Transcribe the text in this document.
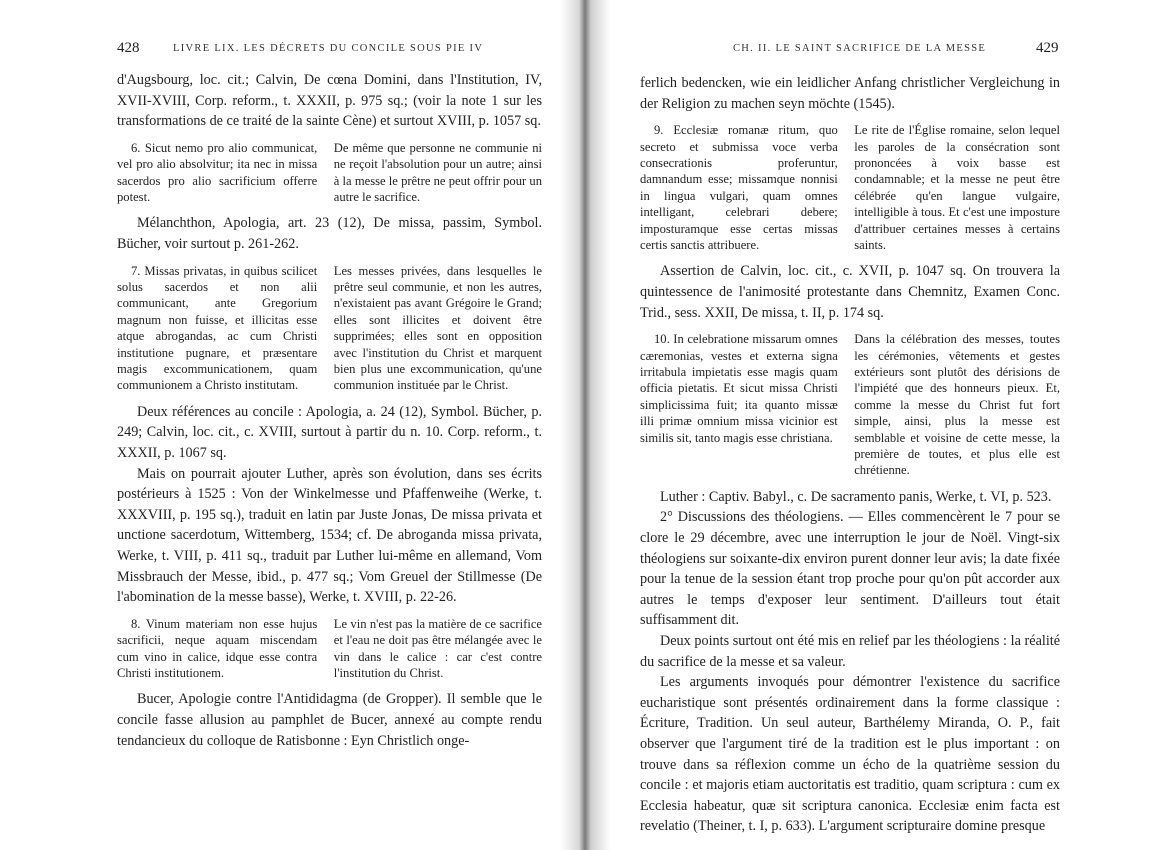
428	LIVRE LIX. LES DÉCRETS DU CONCILE SOUS PIE IV

d'Augsbourg, loc. cit.; Calvin, De cœna Domini, dans l'Institution, IV, XVII-XVIII, Corp. reform., t. XXXII, p. 975 sq.; (voir la note 1 sur les transformations de ce traité de la sainte Cène) et surtout XVIII, p. 1057 sq.

6. Sicut nemo pro alio communicat, vel pro alio absolvitur; ita nec in missa sacerdos pro alio sacrificium offerre potest.
De même que personne ne communie ni ne reçoit l'absolution pour un autre; ainsi à la messe le prêtre ne peut offrir pour un autre le sacrifice.

Mélanchthon, Apologia, art. 23 (12), De missa, passim, Symbol. Bücher, voir surtout p. 261-262.

7. Missas privatas, in quibus scilicet solus sacerdos et non alii communicant, ante Gregorium magnum non fuisse, et illicitas esse atque abrogandas, ac cum Christi institutione pugnare, et præsentare magis excommunicationem, quam communionem a Christo institutam.
Les messes privées, dans lesquelles le prêtre seul communie, et non les autres, n'existaient pas avant Grégoire le Grand; elles sont illicites et doivent être supprimées; elles sont en opposition avec l'institution du Christ et marquent bien plus une excommunication, qu'une communion instituée par le Christ.

Deux références au concile : Apologia, a. 24 (12), Symbol. Bücher, p. 249; Calvin, loc. cit., c. XVIII, surtout à partir du n. 10. Corp. reform., t. XXXII, p. 1067 sq.

Mais on pourrait ajouter Luther, après son évolution, dans ses écrits postérieurs à 1525 : Von der Winkelmesse und Pfaffenweihe (Werke, t. XXXVIII, p. 195 sq.), traduit en latin par Juste Jonas, De missa privata et unctione sacerdotum, Wittemberg, 1534; cf. De abroganda missa privata, Werke, t. VIII, p. 411 sq., traduit par Luther lui-même en allemand, Vom Missbrauch der Messe, ibid., p. 477 sq.; Vom Greuel der Stillmesse (De l'abomination de la messe basse), Werke, t. XVIII, p. 22-26.

8. Vinum materiam non esse hujus sacrificii, neque aquam miscendam cum vino in calice, idque esse contra Christi institutionem.
Le vin n'est pas la matière de ce sacrifice et l'eau ne doit pas être mélangée avec le vin dans le calice : car c'est contre l'institution du Christ.

Bucer, Apologie contre l'Antididagma (de Gropper). Il semble que le concile fasse allusion au pamphlet de Bucer, annexé au compte rendu tendancieux du colloque de Ratisbonne : Eyn Christlich onge-

CH. II. LE SAINT SACRIFICE DE LA MESSE	429

ferlich bedencken, wie ein leidlicher Anfang christlicher Vergleichung in der Religion zu machen seyn möchte (1545).

9. Ecclesiæ romanæ ritum, quo secreto et submissa voce verba consecrationis proferuntur, damnandum esse; missamque nonnisi in lingua vulgari, quam omnes intelligant, celebrari debere; imposturamque esse certas missas certis sanctis attribuere.
Le rite de l'Église romaine, selon lequel les paroles de la consécration sont prononcées à voix basse est condamnable; et la messe ne peut être célébrée qu'en langue vulgaire, intelligible à tous. Et c'est une imposture d'attribuer certaines messes à certains saints.

Assertion de Calvin, loc. cit., c. XVII, p. 1047 sq. On trouvera la quintessence de l'animosité protestante dans Chemnitz, Examen Conc. Trid., sess. XXII, De missa, t. II, p. 174 sq.

10. In celebratione missarum omnes cæremonias, vestes et externa signa irritabula impietatis esse magis quam officia pietatis. Et sicut missa Christi simplicissima fuit; ita quanto missæ illi primæ omnium missa vicinior est similis sit, tanto magis esse christiana.
Dans la célébration des messes, toutes les cérémonies, vêtements et gestes extérieurs sont plutôt des dérisions de l'impiété que des honneurs pieux. Et, comme la messe du Christ fut fort simple, ainsi, plus la messe est semblable et voisine de cette messe, la première de toutes, et plus elle est chrétienne.

Luther : Captiv. Babyl., c. De sacramento panis, Werke, t. VI, p. 523.

2° Discussions des théologiens. — Elles commencèrent le 7 pour se clore le 29 décembre, avec une interruption le jour de Noël. Vingt-six théologiens sur soixante-dix environ purent donner leur avis; la date fixée pour la tenue de la session étant trop proche pour qu'on pût accorder aux autres le temps d'exposer leur sentiment. D'ailleurs tout était suffisamment dit.

Deux points surtout ont été mis en relief par les théologiens : la réalité du sacrifice de la messe et sa valeur.

Les arguments invoqués pour démontrer l'existence du sacrifice eucharistique sont présentés ordinairement dans la forme classique : Écriture, Tradition. Un seul auteur, Barthélemy Miranda, O. P., fait observer que l'argument tiré de la tradition est le plus important : on trouve dans sa réflexion comme un écho de la quatrième session du concile : et majoris etiam auctoritatis est traditio, quam scriptura : cum ex Ecclesia habeatur, quæ sit scriptura canonica. Ecclesiæ enim facta est revelatio (Theiner, t. I, p. 633). L'argument scripturaire domine presque
